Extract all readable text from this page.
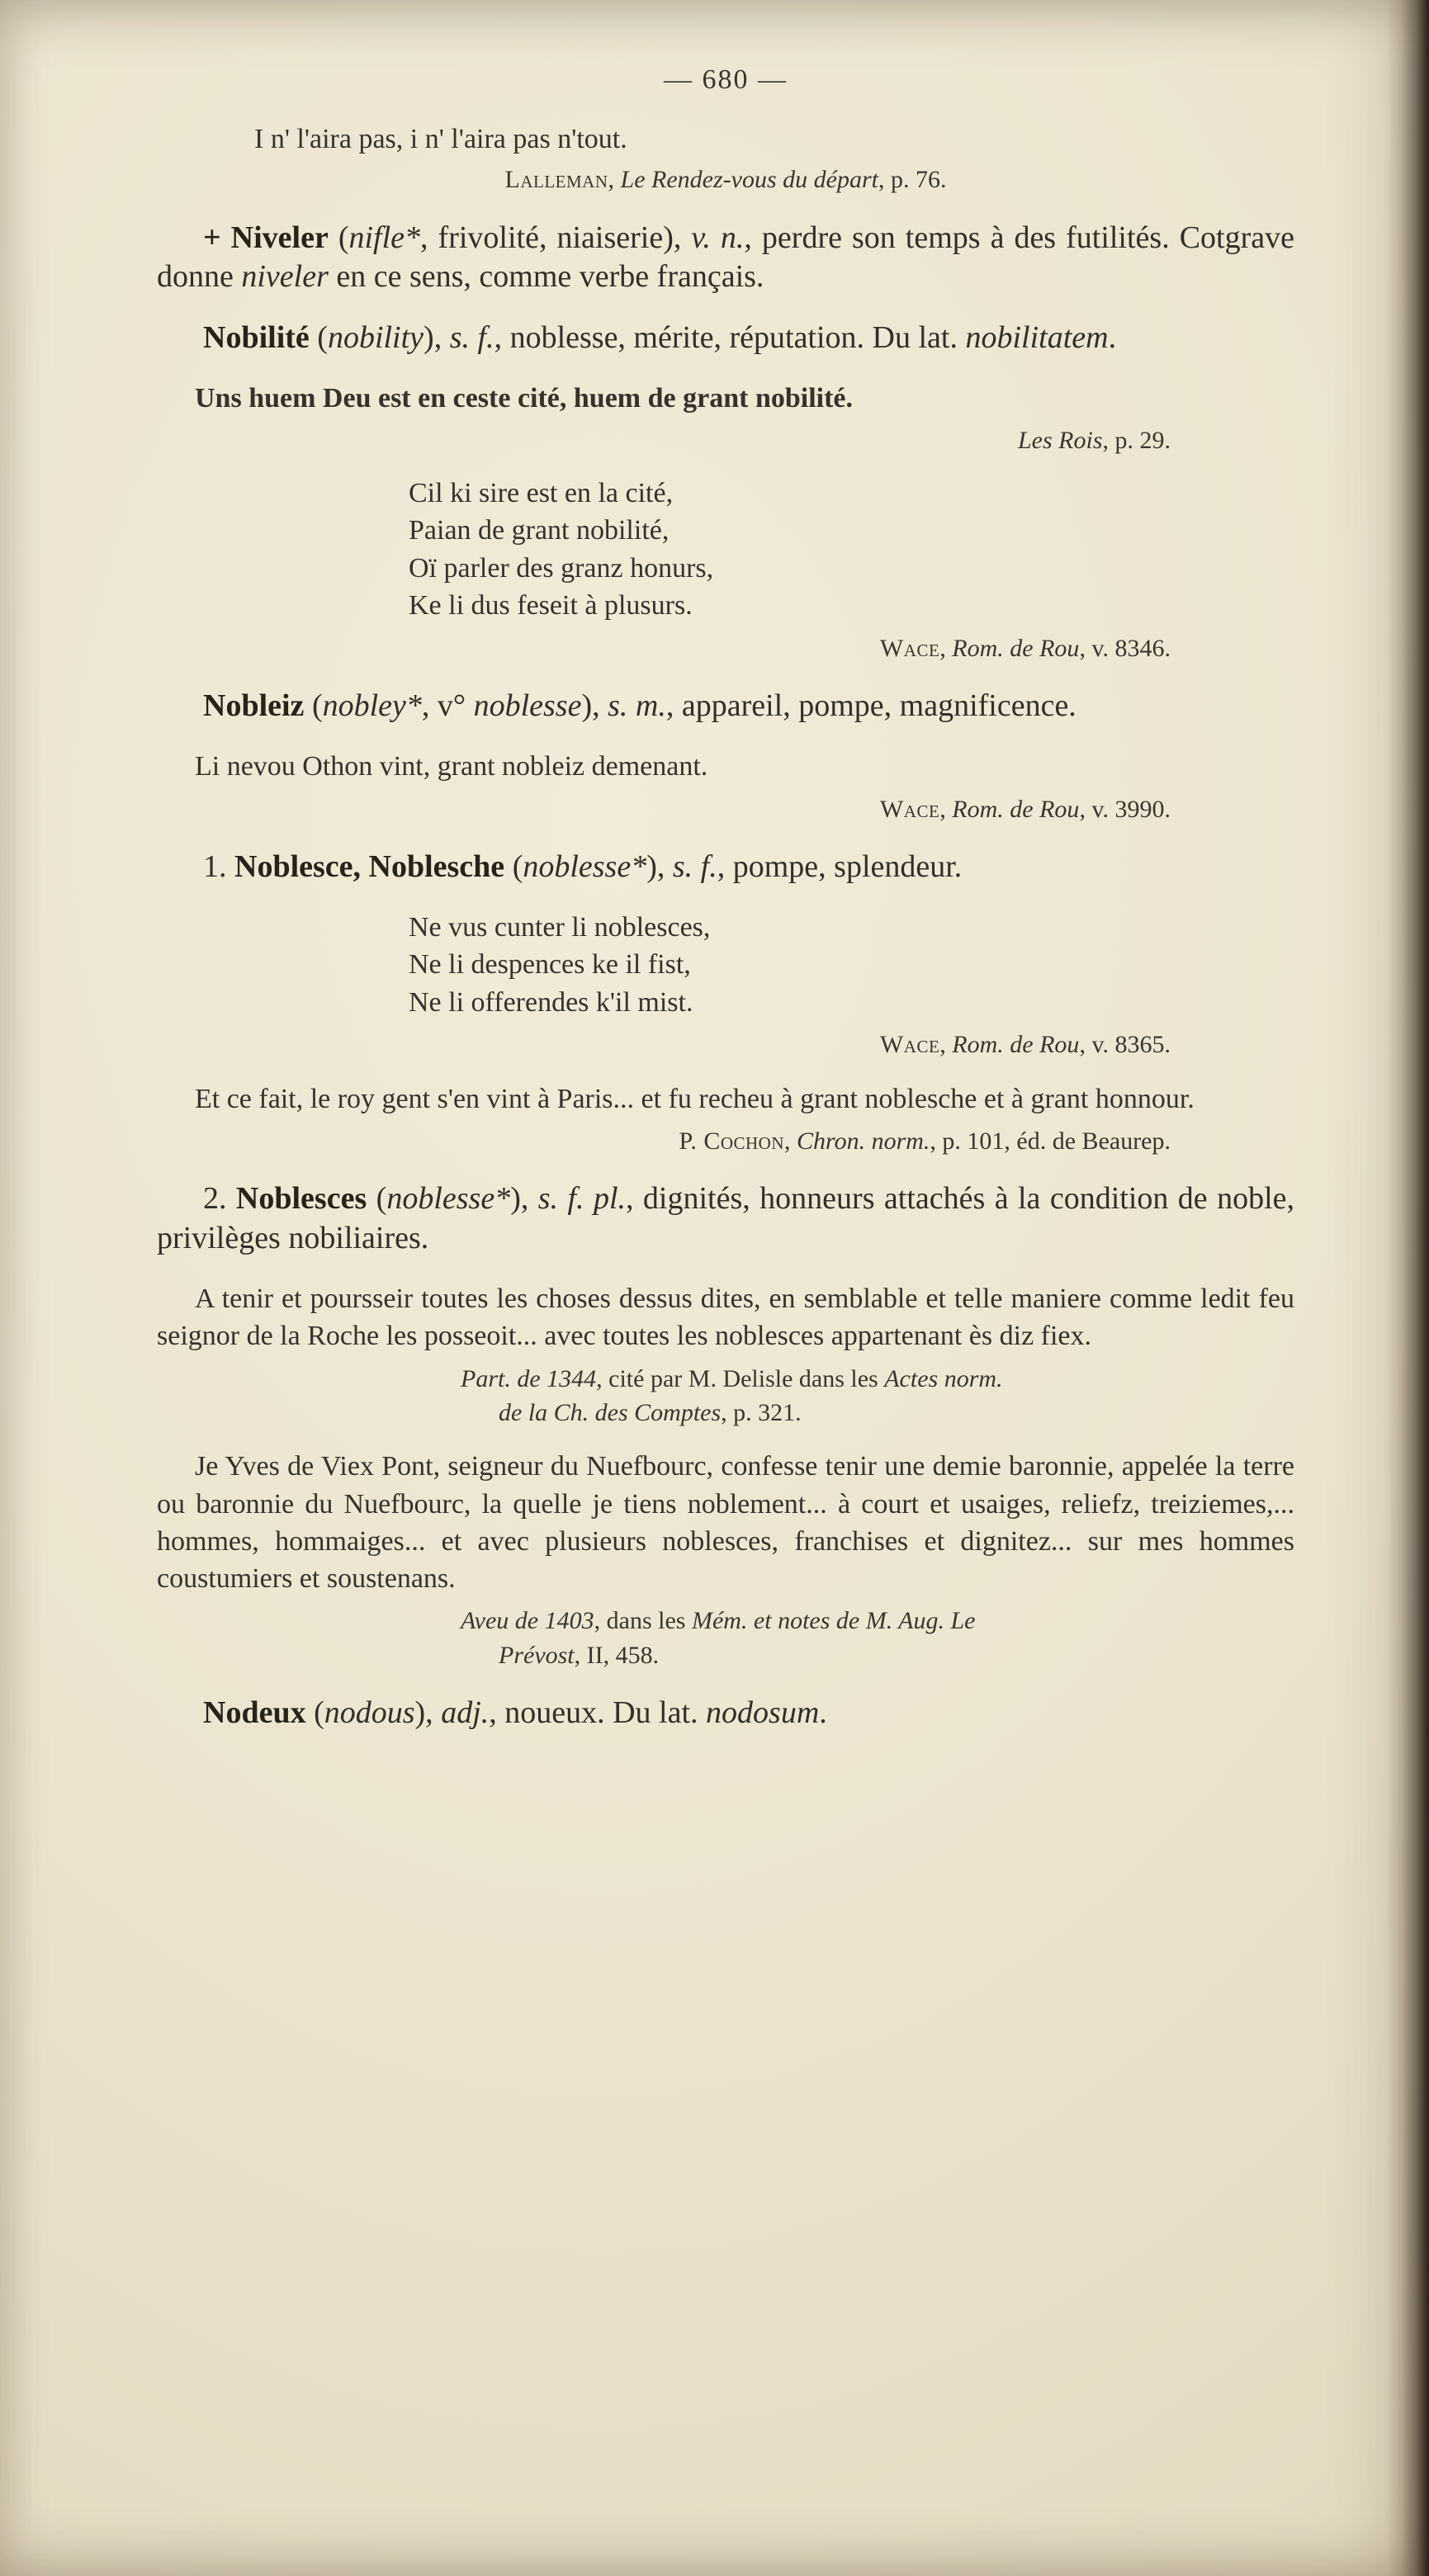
— 680 —
I n' l'aira pas, i n' l'aira pas n'tout.
Lalleman, Le Rendez-vous du départ, p. 76.
+ Niveler (nifle*, frivolité, niaiserie), v. n., perdre son temps à des futilités. Cotgrave donne niveler en ce sens, comme verbe français.
Nobilité (nobility), s. f., noblesse, mérite, réputation. Du lat. nobilitatem.
Uns huem Deu est en ceste cité, huem de grant nobilité.
Les Rois, p. 29.
Cil ki sire est en la cité,
Paian de grant nobilité,
Oï parler des granz honurs,
Ke li dus feseit à plusurs.
Wace, Rom. de Rou, v. 8346.
Nobleiz (nobley*, v° noblesse), s. m., appareil, pompe, magnificence.
Li nevou Othon vint, grant nobleiz demenant.
Wace, Rom. de Rou, v. 3990.
1. Noblesce, Noblesche (noblesse*), s. f., pompe, splendeur.
Ne vus cunter li noblesces,
Ne li despences ke il fist,
Ne li offerendes k'il mist.
Wace, Rom. de Rou, v. 8365.
Et ce fait, le roy gent s'en vint à Paris... et fu recheu à grant noblesche et à grant honnour.
P. Cochon, Chron. norm., p. 101, éd. de Beaurep.
2. Noblesces (noblesse*), s. f. pl., dignités, honneurs attachés à la condition de noble, privilèges nobiliaires.
A tenir et poursseir toutes les choses dessus dites, en semblable et telle maniere comme ledit feu seignor de la Roche les posseoit... avec toutes les noblesces appartenant ès diz fiex.
Part. de 1344, cité par M. Delisle dans les Actes norm.
de la Ch. des Comptes, p. 321.
Je Yves de Viex Pont, seigneur du Nuefbourc, confesse tenir une demie baronnie, appelée la terre ou baronnie du Nuefbourc, la quelle je tiens noblement... à court et usaiges, reliefz, treiziemes,... hommes, hommaiges... et avec plusieurs noblesces, franchises et dignitez... sur mes hommes coustumiers et soustenans.
Aveu de 1403, dans les Mém. et notes de M. Aug. Le
Prévost, II, 458.
Nodeux (nodous), adj., noueux. Du lat. nodosum.
